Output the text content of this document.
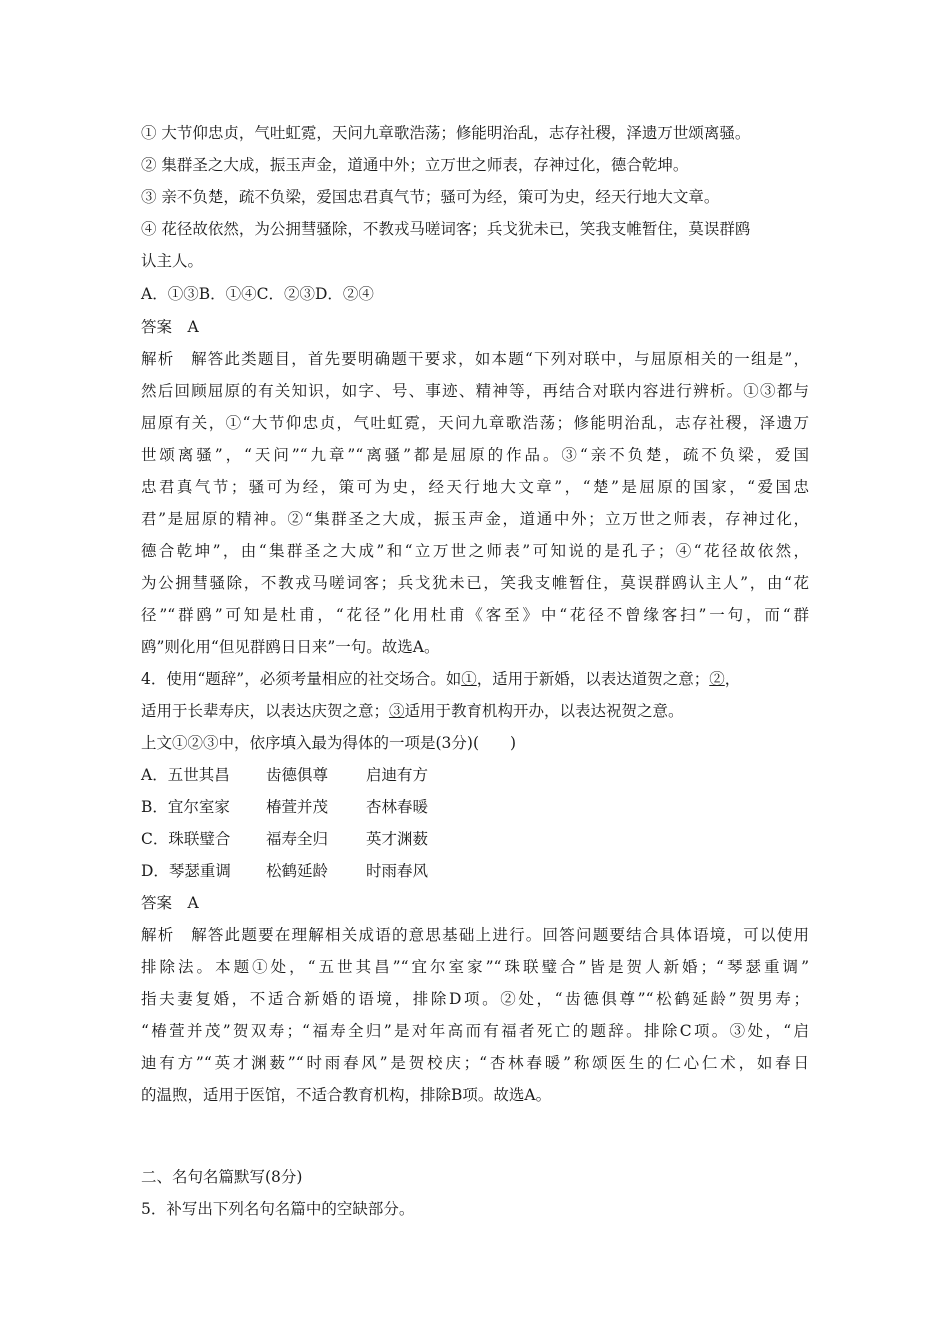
① 大节仰忠贞，气吐虹霓，天问九章歌浩荡；修能明治乱，志存社稷，泽遗万世颂离骚。
② 集群圣之大成，振玉声金，道通中外；立万世之师表，存神过化，德合乾坤。
③ 亲不负楚，疏不负梁，爱国忠君真气节；骚可为经，策可为史，经天行地大文章。
④ 花径故依然，为公拥彗骚除，不教戎马嗟词客；兵戈犹未已，笑我支帷暂住，莫误群鸥
认主人。
A．①③B．①④C．②③D．②④
答案　A
解析　解答此类题目，首先要明确题干要求，如本题“下列对联中，与屈原相关的一组是”，
然后回顾屈原的有关知识，如字、号、事迹、精神等，再结合对联内容进行辨析。①③都与
屈原有关，①“大节仰忠贞，气吐虹霓，天问九章歌浩荡；修能明治乱，志存社稷，泽遗万
世颂离骚”，“天问”“九章”“离骚”都是屈原的作品。③“亲不负楚，疏不负梁，爱国
忠君真气节；骚可为经，策可为史，经天行地大文章”，“楚”是屈原的国家，“爱国忠
君”是屈原的精神。②“集群圣之大成，振玉声金，道通中外；立万世之师表，存神过化，
德合乾坤”，由“集群圣之大成”和“立万世之师表”可知说的是孔子；④“花径故依然，
为公拥彗骚除，不教戎马嗟词客；兵戈犹未已，笑我支帷暂住，莫误群鸥认主人”，由“花
径”“群鸥”可知是杜甫，“花径”化用杜甫《客至》中“花径不曾缘客扫”一句，而“群
鸥”则化用“但见群鸥日日来”一句。故选A。
4．使用“题辞”，必须考量相应的社交场合。如①，适用于新婚，以表达道贺之意；②，
适用于长辈寿庆，以表达庆贺之意；③适用于教育机构开办，以表达祝贺之意。
上文①②③中，依序填入最为得体的一项是(3分)(　　)
A．五世其昌 齿德俱尊 启迪有方
B．宜尔室家 椿萱并茂 杏林春暖
C．珠联璧合 福寿全归 英才渊薮
D．琴瑟重调 松鹤延龄 时雨春风
答案　A
解析　解答此题要在理解相关成语的意思基础上进行。回答问题要结合具体语境，可以使用
排除法。本题①处，“五世其昌”“宜尔室家”“珠联璧合”皆是贺人新婚；“琴瑟重调”
指夫妻复婚，不适合新婚的语境，排除D项。②处，“齿德俱尊”“松鹤延龄”贺男寿；
“椿萱并茂”贺双寿；“福寿全归”是对年高而有福者死亡的题辞。排除C项。③处，“启
迪有方”“英才渊薮”“时雨春风”是贺校庆；“杏林春暖”称颂医生的仁心仁术，如春日
的温煦，适用于医馆，不适合教育机构，排除B项。故选A。
二、名句名篇默写(8分)
5．补写出下列名句名篇中的空缺部分。
